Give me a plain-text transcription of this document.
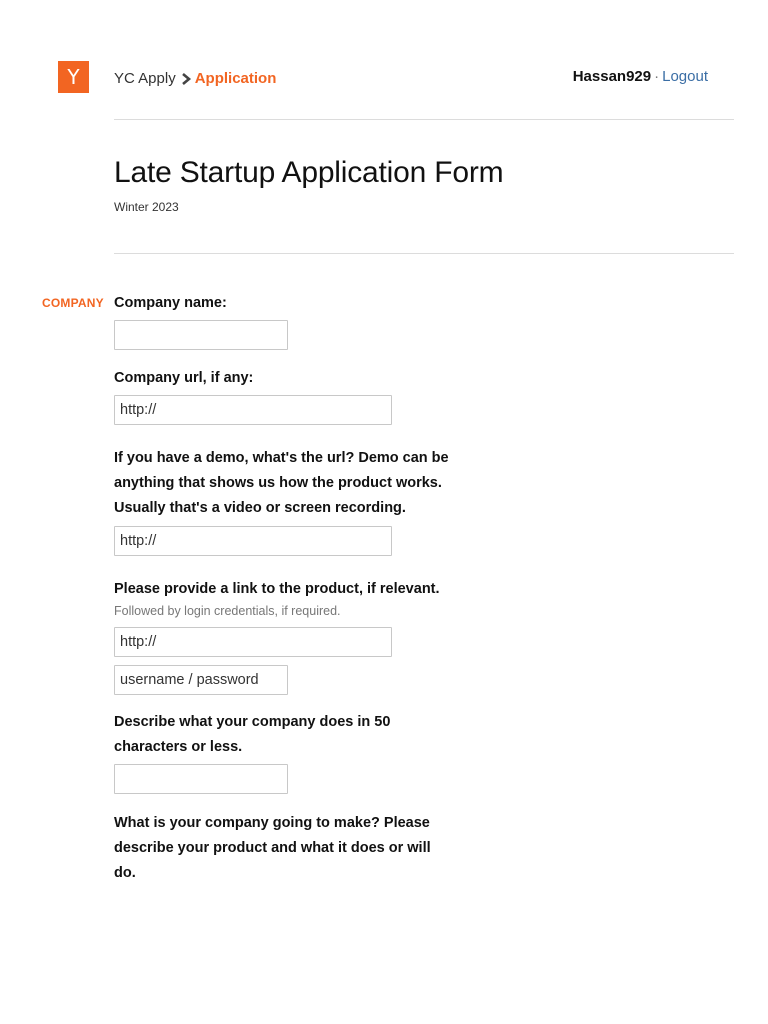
Y YC Apply Application	Hassan929 · Logout
Late Startup Application Form
Winter 2023
COMPANY Company name:
Company url, if any:
http://
If you have a demo, what's the url? Demo can be anything that shows us how the product works. Usually that's a video or screen recording.
http://
Please provide a link to the product, if relevant.
Followed by login credentials, if required.
http://
username / password
Describe what your company does in 50 characters or less.
What is your company going to make? Please describe your product and what it does or will do.
